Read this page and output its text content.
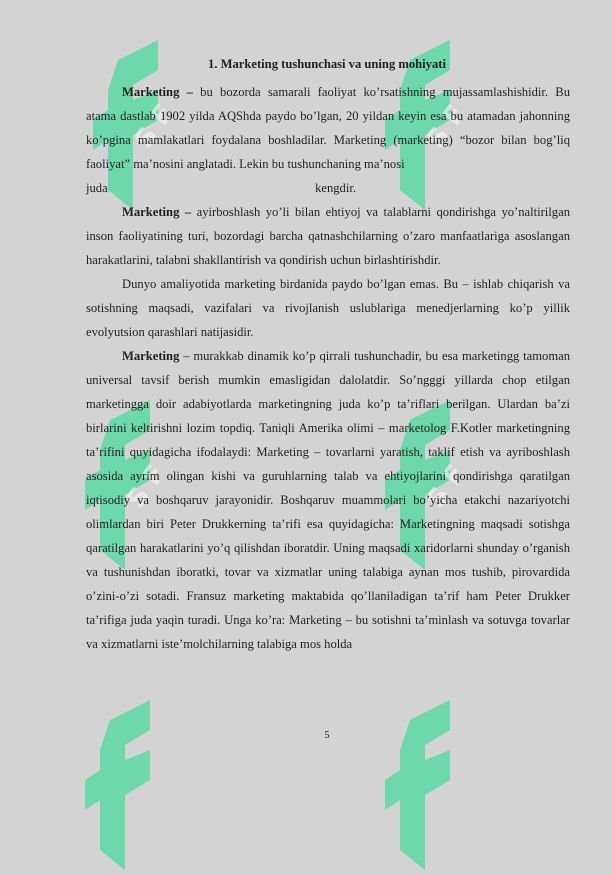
S F	S F
S F	S F
1. Marketing tushunchasi va uning mohiyati

Marketing – bu bozorda samarali faoliyat ko’rsatishning mujassamlashishidir. Bu atama dastlab 1902 yilda AQShda paydo bo’lgan, 20 yildan keyin esa bu atamadan jahonning ko’pgina mamlakatlari foydalana boshladilar. Marketing (marketing) “bozor bilan bog’liq faoliyat” ma’nosini anglatadi. Lekin bu tushunchaning ma’nosi

juda	kengdir.

Marketing – ayirboshlash yo’li bilan ehtiyoj va talablarni qondirishga yo’naltirilgan inson faoliyatining turi, bozordagi barcha qatnashchilarning o’zaro manfaatlariga asoslangan harakatlarini, talabni shakllantirish va qondirish uchun birlashtirishdir.

Dunyo amaliyotida marketing birdanida paydo bo’lgan emas. Bu – ishlab chiqarish va sotishning maqsadi, vazifalari va rivojlanish uslublariga menedjerlarning ko’p yillik evolyutsion qarashlari natijasidir.

Marketing – murakkab dinamik ko’p qirrali tushunchadir, bu esa marketingg tamoman universal tavsif berish mumkin emasligidan dalolatdir. So’ngggi yillarda chop etilgan marketingga doir adabiyotlarda marketingning juda ko’p ta’riflari berilgan. Ulardan ba’zi birlarini keltirishni lozim topdiq. Taniqli Amerika olimi – marketolog F.Kotler marketingning ta’rifini quyidagicha ifodalaydi: Marketing – tovarlarni yaratish, taklif etish va ayriboshlash asosida ayrim olingan kishi va guruhlarning talab va ehtiyojlarini qondirishga qaratilgan iqtisodiy va boshqaruv jarayonidir. Boshqaruv muammolari bo’yicha etakchi nazariyotchi olimlardan biri Peter Drukkerning ta’rifi esa quyidagicha: Marketingning maqsadi sotishga qaratilgan harakatlarini yo’q qilishdan iboratdir. Uning maqsadi xaridorlarni shunday o’rganish va tushunishdan iboratki, tovar va xizmatlar uning talabiga aynan mos tushib, pirovardida o’zini-o’zi sotadi. Fransuz marketing maktabida qo’llaniladigan ta’rif ham Peter Drukker ta’rifiga juda yaqin turadi. Unga ko’ra: Marketing – bu sotishni ta’minlash va sotuvga tovarlar va xizmatlarni iste’molchilarning talabiga mos holda

5
